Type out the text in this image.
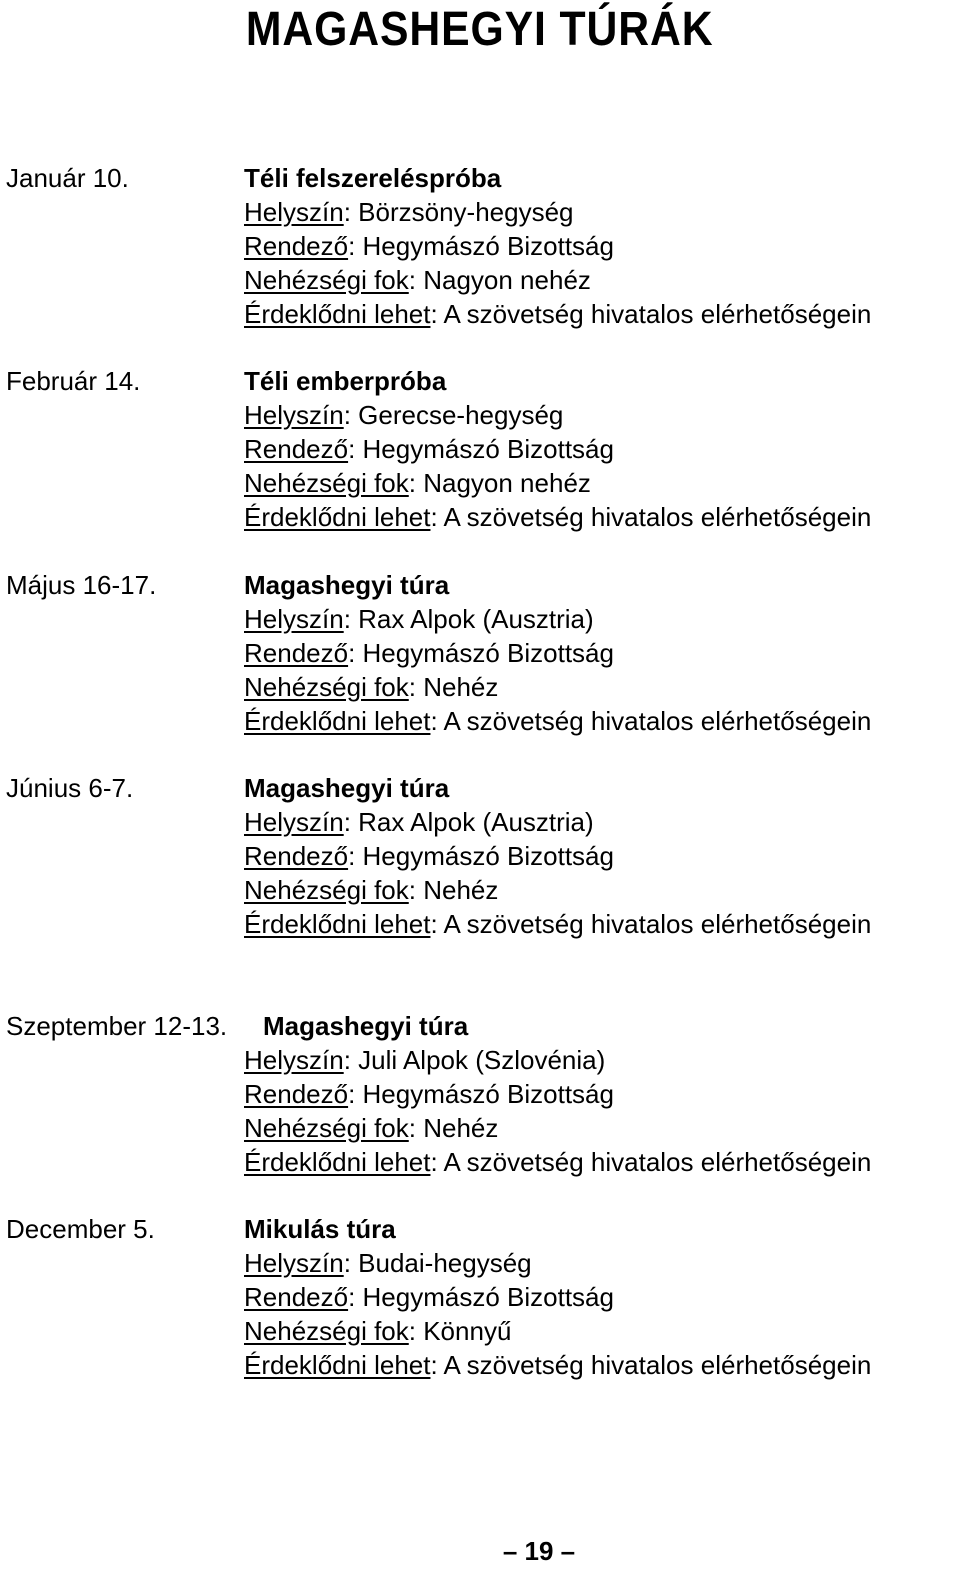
MAGASHEGYI TÚRÁK
Január 10.	Téli felszereléspróba
Helyszín: Börzsöny-hegység
Rendező: Hegymászó Bizottság
Nehézségi fok: Nagyon nehéz
Érdeklődni lehet: A szövetség hivatalos elérhetőségein
Február 14.	Téli emberpróba
Helyszín: Gerecse-hegység
Rendező: Hegymászó Bizottság
Nehézségi fok: Nagyon nehéz
Érdeklődni lehet: A szövetség hivatalos elérhetőségein
Május 16-17.	Magashegyi túra
Helyszín: Rax Alpok (Ausztria)
Rendező: Hegymászó Bizottság
Nehézségi fok: Nehéz
Érdeklődni lehet: A szövetség hivatalos elérhetőségein
Június 6-7.	Magashegyi túra
Helyszín: Rax Alpok (Ausztria)
Rendező: Hegymászó Bizottság
Nehézségi fok: Nehéz
Érdeklődni lehet: A szövetség hivatalos elérhetőségein
Szeptember 12-13. Magashegyi túra
Helyszín: Juli Alpok (Szlovénia)
Rendező: Hegymászó Bizottság
Nehézségi fok: Nehéz
Érdeklődni lehet: A szövetség hivatalos elérhetőségein
December 5.	Mikulás túra
Helyszín: Budai-hegység
Rendező: Hegymászó Bizottság
Nehézségi fok: Könnyű
Érdeklődni lehet: A szövetség hivatalos elérhetőségein
– 19 –
